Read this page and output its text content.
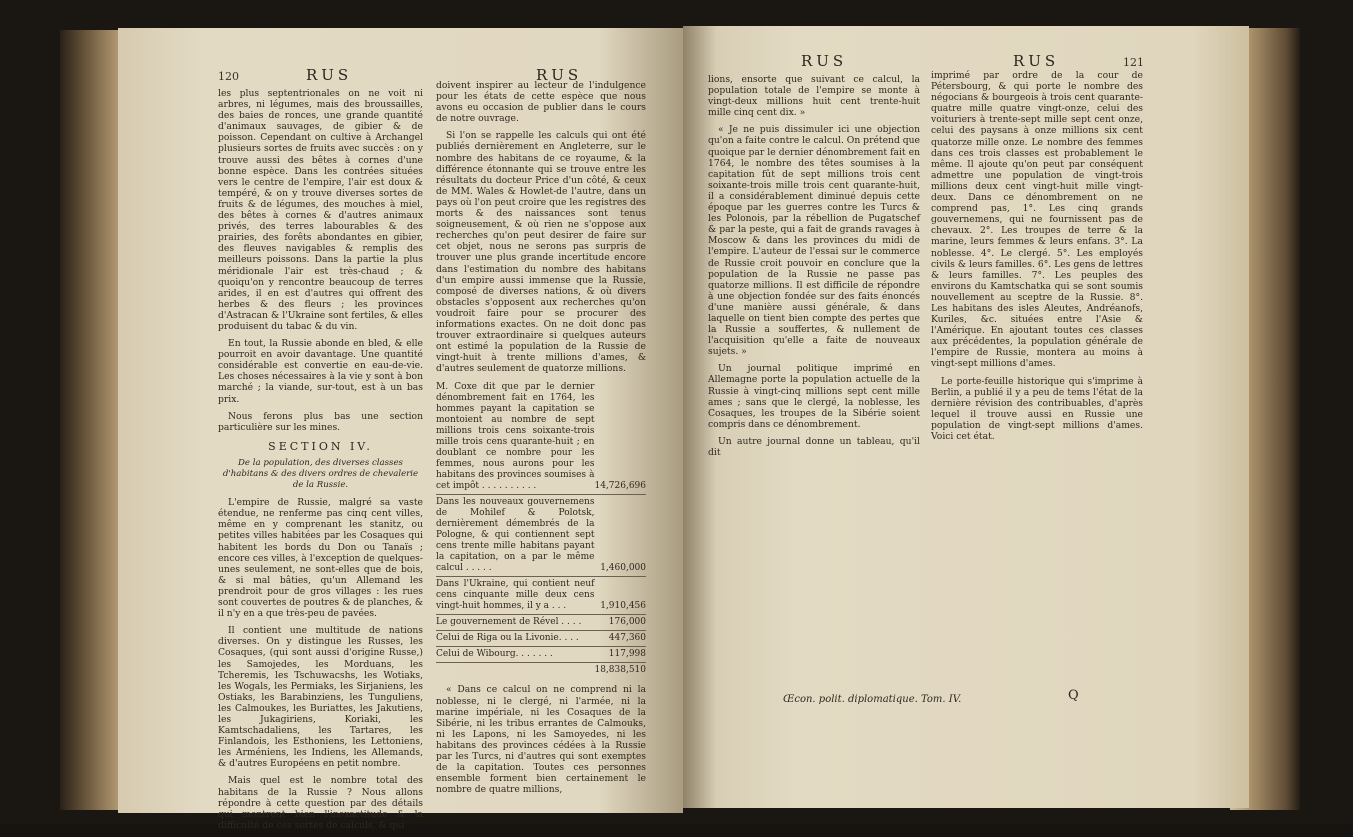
120	RUS	RUS

les plus septentrionales on ne voit ni arbres, ni légumes, mais des broussailles, des baies de ronces, une grande quantité d'animaux sauvages, de gibier & de poisson. Cependant on cultive à Archangel plusieurs sortes de fruits avec succès : on y trouve aussi des bêtes à cornes d'une bonne espèce. Dans les contrées situées vers le centre de l'empire, l'air est doux & tempéré, & on y trouve diverses sortes de fruits & de légumes, des mouches à miel, des bêtes à cornes & d'autres animaux privés, des terres labourables & des prairies, des forêts abondantes en gibier, des fleuves navigables & remplis des meilleurs poissons. Dans la partie la plus méridionale l'air est très-chaud ; & quoiqu'on y rencontre beaucoup de terres arides, il en est d'autres qui offrent des herbes & des fleurs ; les provinces d'Astracan & l'Ukraine sont fertiles, & elles produisent du tabac & du vin.

En tout, la Russie abonde en bled, & elle pourroit en avoir davantage. Une quantité considérable est convertie en eau-de-vie. Les choses nécessaires à la vie y sont à bon marché ; la viande, sur-tout, est à un bas prix.

Nous ferons plus bas une section particulière sur les mines.

SECTION IV.

De la population, des diverses classes d'habitans & des divers ordres de chevalerie de la Russie.

L'empire de Russie, malgré sa vaste étendue, ne renferme pas cinq cent villes, même en y comprenant les stanitz, ou petites villes habitées par les Cosaques qui habitent les bords du Don ou Tanaïs ; encore ces villes, à l'exception de quelques-unes seulement, ne sont-elles que de bois, & si mal bâties, qu'un Allemand les prendroit pour de gros villages : les rues sont couvertes de poutres & de planches, & il n'y en a que très-peu de pavées.

Il contient une multitude de nations diverses. On y distingue les Russes, les Cosaques, (qui sont aussi d'origine Russe,) les Samojedes, les Morduans, les Tcheremis, les Tschuwacshs, les Wotiaks, les Wogals, les Permiaks, les Sirjaniens, les Ostiaks, les Barabinziens, les Tunguliens, les Calmoukes, les Buriattes, les Jakutiens, les Jukagiriens, Koriaki, les Kamtschadaliens, les Tartares, les Finlandois, les Esthoniens, les Lettoniens, les Arméniens, les Indiens, les Allemands, & d'autres Européens en petit nombre.

Mais quel est le nombre total des habitans de la Russie ? Nous allons répondre à cette question par des détails qui montrent bien l'inexactitude & la difficulté de ces sortes de calculs, & qui

doivent inspirer au lecteur de l'indulgence pour les états de cette espèce que nous avons eu occasion de publier dans le cours de notre ouvrage.

Si l'on se rappelle les calculs qui ont été publiés dernièrement en Angleterre, sur le nombre des habitans de ce royaume, & la différence étonnante qui se trouve entre les résultats du docteur Price d'un côté, & ceux de MM. Wales & Howlet-de l'autre, dans un pays où l'on peut croire que les registres des morts & des naissances sont tenus soigneusement, & où rien ne s'oppose aux recherches qu'on peut desirer de faire sur cet objet, nous ne serons pas surpris de trouver une plus grande incertitude encore dans l'estimation du nombre des habitans d'un empire aussi immense que la Russie, composé de diverses nations, & où divers obstacles s'opposent aux recherches qu'on voudroit faire pour se procurer des informations exactes. On ne doit donc pas trouver extraordinaire si quelques auteurs ont estimé la population de la Russie de vingt-huit à trente millions d'ames, & d'autres seulement de quatorze millions.

M. Coxe dit que par le dernier dénombrement fait en 1764, les hommes payant la capitation se montoient au nombre de sept millions trois cens soixante-trois mille trois cens quarante-huit ; en doublant ce nombre pour les femmes, nous aurons pour les habitans des provinces soumises à cet impôt . . . . . . . . . .	14,726,696
Dans les nouveaux gouvernemens de Mohilef & Polotsk, dernièrement démembrés de la Pologne, & qui contiennent sept cens trente mille habitans payant la capitation, on a par le même calcul . . . . .	1,460,000
Dans l'Ukraine, qui contient neuf cens cinquante mille deux cens vingt-huit hommes, il y a . . .	1,910,456
Le gouvernement de Rével . . . .	176,000
Celui de Riga ou la Livonie. . . .	447,360
Celui de Wibourg. . . . . . .	117,998
	18,838,510

« Dans ce calcul on ne comprend ni la noblesse, ni le clergé, ni l'armée, ni la marine impériale, ni les Cosaques de la Sibérie, ni les tribus errantes de Calmouks, ni les Lapons, ni les Samoyedes, ni les habitans des provinces cédées à la Russie par les Turcs, ni d'autres qui sont exemptes de la capitation. Toutes ces personnes ensemble forment bien certainement le nombre de quatre millions,

RUS	RUS	121

lions, ensorte que suivant ce calcul, la population totale de l'empire se monte à vingt-deux millions huit cent trente-huit mille cinq cent dix. »

« Je ne puis dissimuler ici une objection qu'on a faite contre le calcul. On prétend que quoique par le dernier dénombrement fait en 1764, le nombre des têtes soumises à la capitation fût de sept millions trois cent soixante-trois mille trois cent quarante-huit, il a considérablement diminué depuis cette époque par les guerres contre les Turcs & les Polonois, par la rébellion de Pugatschef & par la peste, qui a fait de grands ravages à Moscow & dans les provinces du midi de l'empire. L'auteur de l'essai sur le commerce de Russie croit pouvoir en conclure que la population de la Russie ne passe pas quatorze millions. Il est difficile de répondre à une objection fondée sur des faits énoncés d'une manière aussi générale, & dans laquelle on tient bien compte des pertes que la Russie a souffertes, & nullement de l'acquisition qu'elle a faite de nouveaux sujets. »

Un journal politique imprimé en Allemagne porte la population actuelle de la Russie à vingt-cinq millions sept cent mille ames ; sans que le clergé, la noblesse, les Cosaques, les troupes de la Sibérie soient compris dans ce dénombrement.

Un autre journal donne un tableau, qu'il dit

imprimé par ordre de la cour de Pétersbourg, & qui porte le nombre des négocians & bourgeois à trois cent quarante-quatre mille quatre vingt-onze, celui des voituriers à trente-sept mille sept cent onze, celui des paysans à onze millions six cent quatorze mille onze. Le nombre des femmes dans ces trois classes est probablement le même. Il ajoute qu'on peut par conséquent admettre une population de vingt-trois millions deux cent vingt-huit mille vingt-deux. Dans ce dénombrement on ne comprend pas, 1°. Les cinq grands gouvernemens, qui ne fournissent pas de chevaux. 2°. Les troupes de terre & la marine, leurs femmes & leurs enfans. 3°. La noblesse. 4°. Le clergé. 5°. Les employés civils & leurs familles. 6°. Les gens de lettres & leurs familles. 7°. Les peuples des environs du Kamtschatka qui se sont soumis nouvellement au sceptre de la Russie. 8°. Les habitans des isles Aleutes, Andréanofs, Kuriles, &c. situées entre l'Asie & l'Amérique. En ajoutant toutes ces classes aux précédentes, la population générale de l'empire de Russie, montera au moins à vingt-sept millions d'ames.

Le porte-feuille historique qui s'imprime à Berlin, a publié il y a peu de tems l'état de la dernière révision des contribuables, d'après lequel il trouve aussi en Russie une population de vingt-sept millions d'ames. Voici cet état.

Œcon. polit. diplomatique. Tom. IV.	Q
